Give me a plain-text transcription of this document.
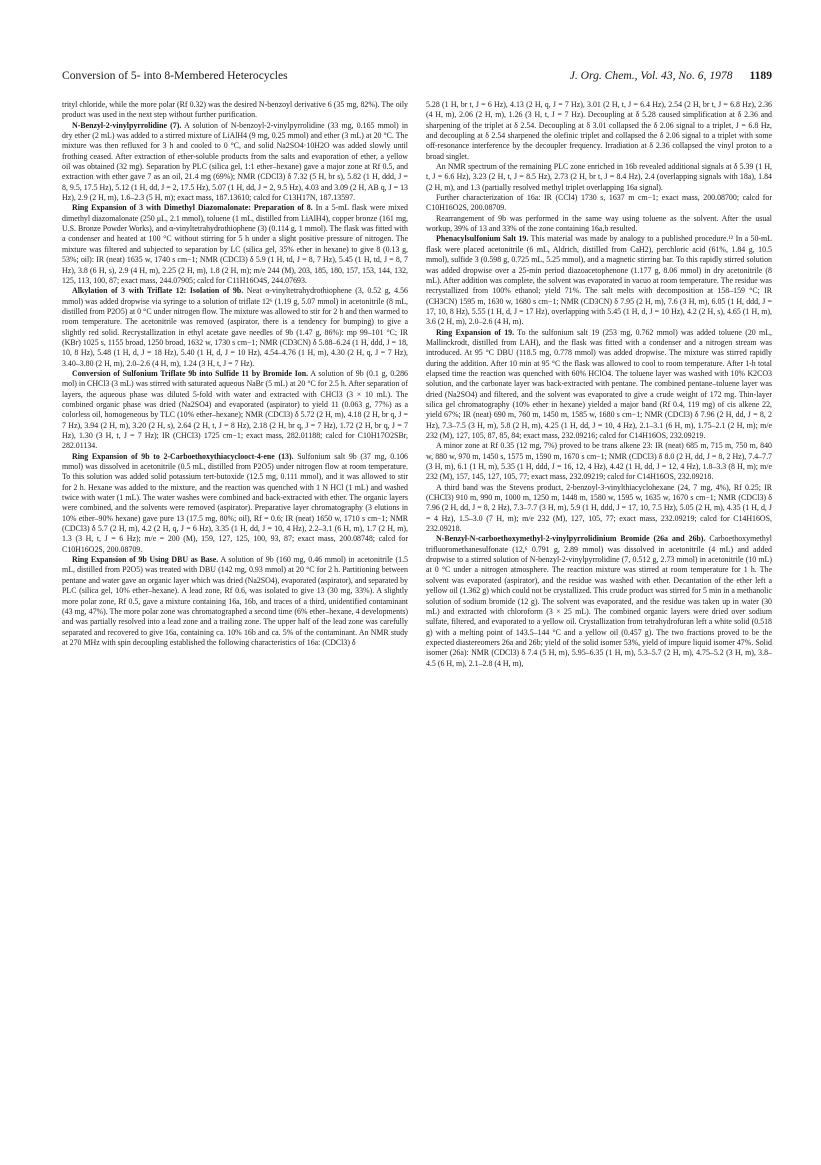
Conversion of 5- into 8-Membered Heterocycles	J. Org. Chem., Vol. 43, No. 6, 1978 1189

trityl chloride, while the more polar (Rf 0.32) was the desired N-benzoyl derivative 6 (35 mg, 82%). The oily product was used in the next step without further purification.

N-Benzyl-2-vinylpyrrolidine (7). A solution of N-benzoyl-2-vinylpyrrolidine (33 mg, 0.165 mmol) in dry ether (2 mL) was added to a stirred mixture of LiAlH4 (9 mg, 0.25 mmol) and ether (3 mL) at 20 °C. The mixture was then refluxed for 3 h and cooled to 0 °C, and solid Na2SO4·10H2O was added slowly until frothing ceased. After extraction of ether-soluble products from the salts and evaporation of ether, a yellow oil was obtained (32 mg). Separation by PLC (silica gel, 1:1 ether–hexane) gave a major zone at Rf 0.5, and extraction with ether gave 7 as an oil, 21.4 mg (69%); NMR (CDCl3) δ 7.32 (5 H, br s), 5.82 (1 H, ddd, J = 8, 9.5, 17.5 Hz), 5.12 (1 H, dd, J = 2, 17.5 Hz), 5.07 (1 H, dd, J = 2, 9.5 Hz), 4.03 and 3.09 (2 H, AB q, J = 13 Hz), 2.9 (2 H, m), 1.6–2.3 (5 H, m); exact mass, 187.13610; calcd for C13H17N, 187.13597.

Ring Expansion of 3 with Dimethyl Diazomalonate: Preparation of 8. In a 5-mL flask were mixed dimethyl diazomalonate (250 μL, 2.1 mmol), toluene (1 mL, distilled from LiAlH4), copper bronze (161 mg, U.S. Bronze Powder Works), and α-vinyltetrahydrothiophene (3) (0.114 g, 1 mmol). The flask was fitted with a condenser and heated at 100 °C without stirring for 5 h under a slight positive pressure of nitrogen. The mixture was filtered and subjected to separation by LC (silica gel, 35% ether in hexane) to give 8 (0.13 g, 53%; oil): IR (neat) 1635 w, 1740 s cm−1; NMR (CDCl3) δ 5.9 (1 H, td, J = 8, 7 Hz), 5.45 (1 H, td, J = 8, 7 Hz), 3.8 (6 H, s), 2.9 (4 H, m), 2.25 (2 H, m), 1.8 (2 H, m); m/e 244 (M), 203, 185, 180, 157, 153, 144, 132, 125, 113, 100, 87; exact mass, 244.07905; calcd for C11H16O4S, 244.07693.

Alkylation of 3 with Triflate 12: Isolation of 9b. Neat α-vinyltetrahydrothiophene (3, 0.52 g, 4.56 mmol) was added dropwise via syringe to a solution of triflate 12⁶ (1.19 g, 5.07 mmol) in acetonitrile (8 mL, distilled from P2O5) at 0 °C under nitrogen flow. The mixture was allowed to stir for 2 h and then warmed to room temperature. The acetonitrile was removed (aspirator, there is a tendency for bumping) to give a slightly red solid. Recrystallization in ethyl acetate gave needles of 9b (1.47 g, 86%): mp 99–101 °C; IR (KBr) 1025 s, 1155 broad, 1250 broad, 1632 w, 1730 s cm−1; NMR (CD3CN) δ 5.88–6.24 (1 H, ddd, J = 18, 10, 8 Hz), 5.48 (1 H, d, J = 18 Hz), 5.40 (1 H, d, J = 10 Hz), 4.54–4.76 (1 H, m), 4.30 (2 H, q, J = 7 Hz), 3.40–3.80 (2 H, m), 2.0–2.6 (4 H, m), 1.24 (3 H, t, J = 7 Hz).

Conversion of Sulfonium Triflate 9b into Sulfide 11 by Bromide Ion. A solution of 9b (0.1 g, 0.286 mol) in CHCl3 (3 mL) was stirred with saturated aqueous NaBr (5 mL) at 20 °C for 2.5 h. After separation of layers, the aqueous phase was diluted 5-fold with water and extracted with CHCl3 (3 × 10 mL). The combined organic phase was dried (Na2SO4) and evaporated (aspirator) to yield 11 (0.063 g, 77%) as a colorless oil, homogeneous by TLC (10% ether–hexane); NMR (CDCl3) δ 5.72 (2 H, m), 4.18 (2 H, br q, J = 7 Hz), 3.94 (2 H, m), 3.20 (2 H, s), 2.64 (2 H, t, J = 8 Hz), 2.18 (2 H, br q, J = 7 Hz), 1.72 (2 H, br q, J = 7 Hz), 1.30 (3 H, t, J = 7 Hz); IR (CHCl3) 1725 cm−1; exact mass, 282.01188; calcd for C10H17O2SBr, 282.01134.

Ring Expansion of 9b to 2-Carboethoxythiacyclooct-4-ene (13). Sulfonium salt 9b (37 mg, 0.106 mmol) was dissolved in acetonitrile (0.5 mL, distilled from P2O5) under nitrogen flow at room temperature. To this solution was added solid potassium tert-butoxide (12.5 mg, 0.111 mmol), and it was allowed to stir for 2 h. Hexane was added to the mixture, and the reaction was quenched with 1 N HCl (1 mL) and washed twice with water (1 mL). The water washes were combined and back-extracted with ether. The organic layers were combined, and the solvents were removed (aspirator). Preparative layer chromatography (3 elutions in 10% ether–90% hexane) gave pure 13 (17.5 mg, 80%; oil), Rf = 0.6; IR (neat) 1650 w, 1710 s cm−1; NMR (CDCl3) δ 5.7 (2 H, m), 4.2 (2 H, q, J = 6 Hz), 3.35 (1 H, dd, J = 10, 4 Hz), 2.2–3.1 (6 H, m), 1.7 (2 H, m), 1.3 (3 H, t, J = 6 Hz); m/e = 200 (M), 159, 127, 125, 100, 93, 87; exact mass, 200.08748; calcd for C10H16O2S, 200.08709.

Ring Expansion of 9b Using DBU as Base. A solution of 9b (160 mg, 0.46 mmol) in acetonitrile (1.5 mL, distilled from P2O5) was treated with DBU (142 mg, 0.93 mmol) at 20 °C for 2 h. Partitioning between pentane and water gave an organic layer which was dried (Na2SO4), evaporated (aspirator), and separated by PLC (silica gel, 10% ether–hexane). A lead zone, Rf 0.6, was isolated to give 13 (30 mg, 33%). A slightly more polar zone, Rf 0.5, gave a mixture containing 16a, 16b, and traces of a third, unidentified contaminant (43 mg, 47%). The more polar zone was chromatographed a second time (6% ether–hexane, 4 developments) and was partially resolved into a lead zone and a trailing zone. The upper half of the lead zone was carefully separated and recovered to give 16a, containing ca. 10% 16b and ca. 5% of the contaminant. An NMR study at 270 MHz with spin decoupling established the following characteristics of 16a: (CDCl3) δ

5.28 (1 H, br t, J = 6 Hz), 4.13 (2 H, q, J = 7 Hz), 3.01 (2 H, t, J = 6.4 Hz), 2.54 (2 H, br t, J = 6.8 Hz), 2.36 (4 H, m), 2.06 (2 H, m), 1.26 (3 H, t, J = 7 Hz). Decoupling at δ 5.28 caused simplification at δ 2.36 and sharpening of the triplet at δ 2.54. Decoupling at δ 3.01 collapsed the δ 2.06 signal to a triplet, J = 6.8 Hz, and decoupling at δ 2.54 sharpened the olefinic triplet and collapsed the δ 2.06 signal to a triplet with some off-resonance interference by the decoupler frequency. Irradiation at δ 2.36 collapsed the vinyl proton to a broad singlet.

An NMR spectrum of the remaining PLC zone enriched in 16b revealed additional signals at δ 5.39 (1 H, t, J = 6.6 Hz), 3.23 (2 H, t, J = 8.5 Hz), 2.73 (2 H, br t, J = 8.4 Hz), 2.4 (overlapping signals with 18a), 1.84 (2 H, m), and 1.3 (partially resolved methyl triplet overlapping 16a signal).

Further characterization of 16a: IR (CCl4) 1730 s, 1637 m cm−1; exact mass, 200.08700; calcd for C10H16O2S, 200.08709.

Rearrangement of 9b was performed in the same way using toluene as the solvent. After the usual workup, 39% of 13 and 33% of the zone containing 16a,b resulted.

Phenacylsulfonium Salt 19. This material was made by analogy to a published procedure.¹² In a 50-mL flask were placed acetonitrile (6 mL, Aldrich, distilled from CaH2), perchloric acid (61%, 1.84 g, 10.5 mmol), sulfide 3 (0.598 g, 0.725 mL, 5.25 mmol), and a magnetic stirring bar. To this rapidly stirred solution was added dropwise over a 25-min period diazoacetophenone (1.177 g, 8.06 mmol) in dry acetonitrile (8 mL). After addition was complete, the solvent was evaporated in vacuo at room temperature. The residue was recrystallized from 100% ethanol; yield 71%. The salt melts with decomposition at 158–159 °C; IR (CH3CN) 1595 m, 1630 w, 1680 s cm−1; NMR (CD3CN) δ 7.95 (2 H, m), 7.6 (3 H, m), 6.05 (1 H, ddd, J = 17, 10, 8 Hz), 5.55 (1 H, d, J = 17 Hz), overlapping with 5.45 (1 H, d, J = 10 Hz), 4.2 (2 H, s), 4.65 (1 H, m), 3.6 (2 H, m), 2.0–2.6 (4 H, m).

Ring Expansion of 19. To the sulfonium salt 19 (253 mg, 0.762 mmol) was added toluene (20 mL, Mallinckrodt, distilled from LAH), and the flask was fitted with a condenser and a nitrogen stream was introduced. At 95 °C DBU (118.5 mg, 0.778 mmol) was added dropwise. The mixture was stirred rapidly during the addition. After 10 min at 95 °C the flask was allowed to cool to room temperature. After 1-h total elapsed time the reaction was quenched with 60% HClO4. The toluene layer was washed with 10% K2CO3 solution, and the carbonate layer was back-extracted with pentane. The combined pentane–toluene layer was dried (Na2SO4) and filtered, and the solvent was evaporated to give a crude weight of 172 mg. Thin-layer silica gel chromatography (10% ether in hexane) yielded a major band (Rf 0.4, 119 mg) of cis alkene 22, yield 67%; IR (neat) 690 m, 760 m, 1450 m, 1585 w, 1680 s cm−1; NMR (CDCl3) δ 7.96 (2 H, dd, J = 8, 2 Hz), 7.3–7.5 (3 H, m), 5.8 (2 H, m), 4.25 (1 H, dd, J = 10, 4 Hz), 2.1–3.1 (6 H, m), 1.75–2.1 (2 H, m); m/e 232 (M), 127, 105, 87, 85, 84; exact mass, 232.09216; calcd for C14H16OS, 232.09219.

A minor zone at Rf 0.35 (12 mg, 7%) proved to be trans alkene 23: IR (neat) 685 m, 715 m, 750 m, 840 w, 880 w, 970 m, 1450 s, 1575 m, 1590 m, 1670 s cm−1; NMR (CDCl3) δ 8.0 (2 H, dd, J = 8, 2 Hz), 7.4–7.7 (3 H, m), 6.1 (1 H, m), 5.35 (1 H, ddd, J = 16, 12, 4 Hz), 4.42 (1 H, dd, J = 12, 4 Hz), 1.8–3.3 (8 H, m); m/e 232 (M), 157, 145, 127, 105, 77; exact mass, 232.09219; calcd for C14H16OS, 232.09218.

A third band was the Stevens product, 2-benzoyl-3-vinylthiacyclohexane (24, 7 mg, 4%), Rf 0.25; IR (CHCl3) 910 m, 990 m, 1000 m, 1250 m, 1448 m, 1580 w, 1595 w, 1635 w, 1670 s cm−1; NMR (CDCl3) δ 7.96 (2 H, dd, J = 8, 2 Hz), 7.3–7.7 (3 H, m), 5.9 (1 H, ddd, J = 17, 10, 7.5 Hz), 5.05 (2 H, m), 4.35 (1 H, d, J = 4 Hz), 1.5–3.0 (7 H, m); m/e 232 (M), 127, 105, 77; exact mass, 232.09219; calcd for C14H16OS, 232.09218.

N-Benzyl-N-carboethoxymethyl-2-vinylpyrrolidinium Bromide (26a and 26b). Carboethoxymethyl trifluoromethanesulfonate (12,⁶ 0.791 g, 2.89 mmol) was dissolved in acetonitrile (4 mL) and added dropwise to a stirred solution of N-benzyl-2-vinylpyrrolidine (7, 0.512 g, 2.73 mmol) in acetonitrile (10 mL) at 0 °C under a nitrogen atmosphere. The reaction mixture was stirred at room temperature for 1 h. The solvent was evaporated (aspirator), and the residue was washed with ether. Decantation of the ether left a yellow oil (1.362 g) which could not be crystallized. This crude product was stirred for 5 min in a methanolic solution of sodium bromide (12 g). The solvent was evaporated, and the residue was taken up in water (30 mL) and extracted with chloroform (3 × 25 mL). The combined organic layers were dried over sodium sulfate, filtered, and evaporated to a yellow oil. Crystallization from tetrahydrofuran left a white solid (0.518 g) with a melting point of 143.5–144 °C and a yellow oil (0.457 g). The two fractions proved to be the expected diastereomers 26a and 26b; yield of the solid isomer 53%, yield of impure liquid isomer 47%. Solid isomer (26a): NMR (CDCl3) δ 7.4 (5 H, m), 5.95–6.35 (1 H, m), 5.3–5.7 (2 H, m), 4.75–5.2 (3 H, m), 3.8–4.5 (6 H, m), 2.1–2.8 (4 H, m),
